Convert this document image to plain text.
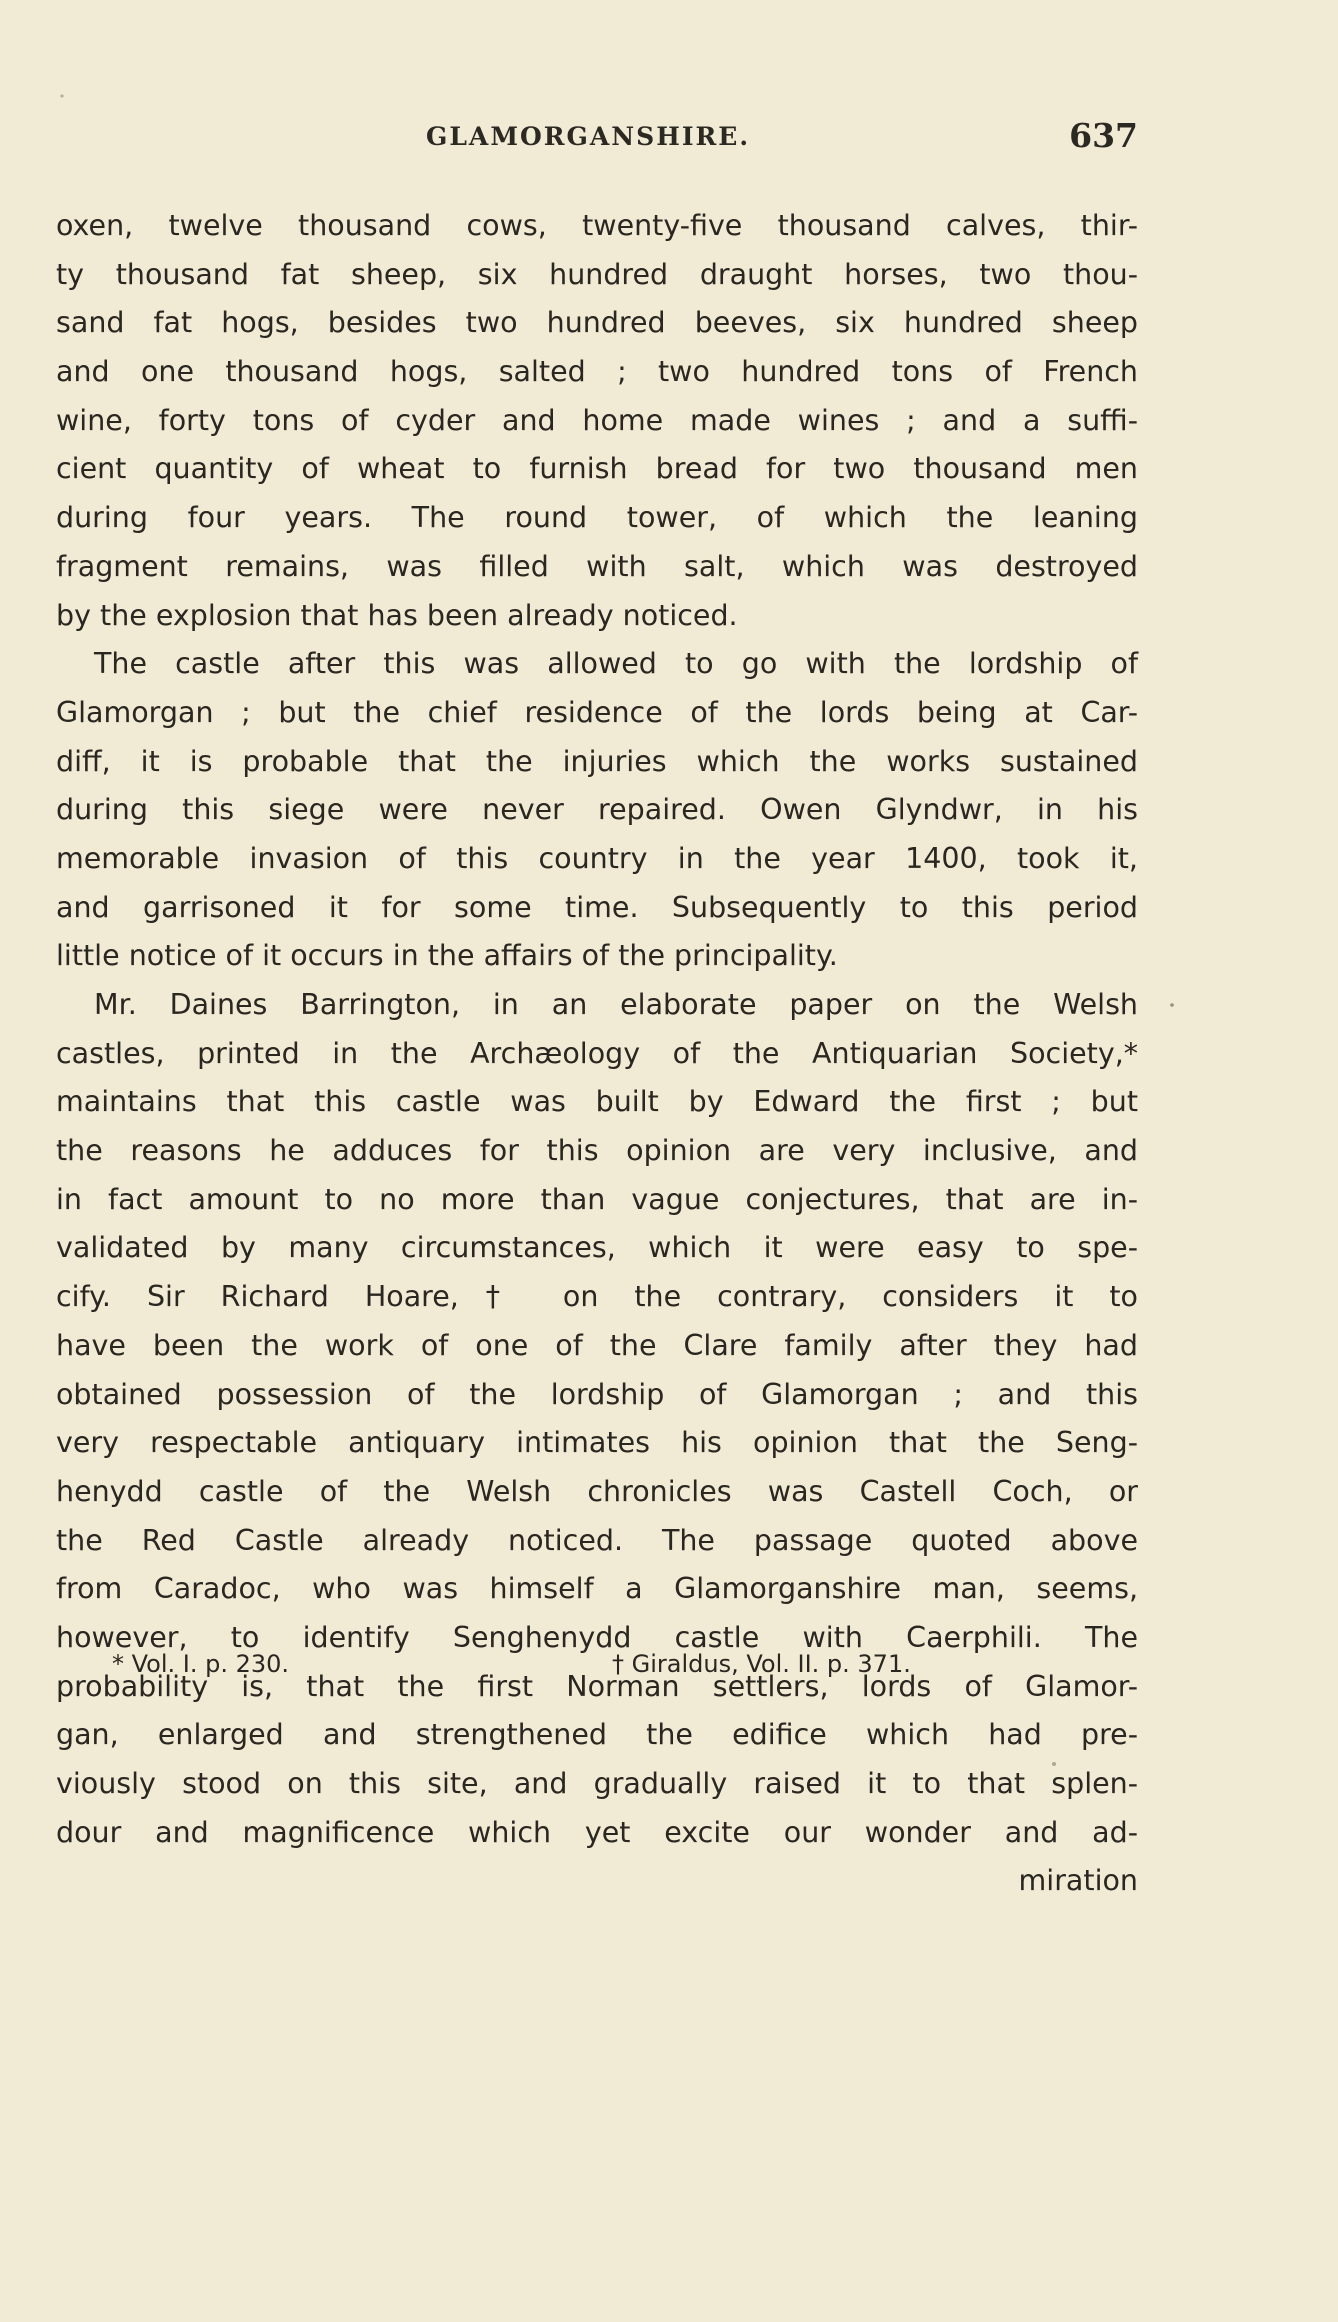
GLAMORGANSHIRE.	637
oxen, twelve thousand cows, twenty-five thousand calves, thir-
ty thousand fat sheep, six hundred draught horses, two thou-
sand fat hogs, besides two hundred beeves, six hundred sheep
and one thousand hogs, salted ; two hundred tons of French
wine, forty tons of cyder and home made wines ; and a suffi-
cient quantity of wheat to furnish bread for two thousand men
during four years. The round tower, of which the leaning
fragment remains, was filled with salt, which was destroyed
by the explosion that has been already noticed.
The castle after this was allowed to go with the lordship of
Glamorgan ; but the chief residence of the lords being at Car-
diff, it is probable that the injuries which the works sustained
during this siege were never repaired. Owen Glyndwr, in his
memorable invasion of this country in the year 1400, took it,
and garrisoned it for some time. Subsequently to this period
little notice of it occurs in the affairs of the principality.
Mr. Daines Barrington, in an elaborate paper on the Welsh
castles, printed in the Archæology of the Antiquarian Society,*
maintains that this castle was built by Edward the first ; but
the reasons he adduces for this opinion are very inclusive, and
in fact amount to no more than vague conjectures, that are in-
validated by many circumstances, which it were easy to spe-
cify. Sir Richard Hoare,† on the contrary, considers it to
have been the work of one of the Clare family after they had
obtained possession of the lordship of Glamorgan ; and this
very respectable antiquary intimates his opinion that the Seng-
henydd castle of the Welsh chronicles was Castell Coch, or
the Red Castle already noticed. The passage quoted above
from Caradoc, who was himself a Glamorganshire man, seems,
however, to identify Senghenydd castle with Caerphili. The
probability is, that the first Norman settlers, lords of Glamor-
gan, enlarged and strengthened the edifice which had pre-
viously stood on this site, and gradually raised it to that splen-
dour and magnificence which yet excite our wonder and ad-
miration
* Vol. I. p. 230.	† Giraldus, Vol. II. p. 371.
